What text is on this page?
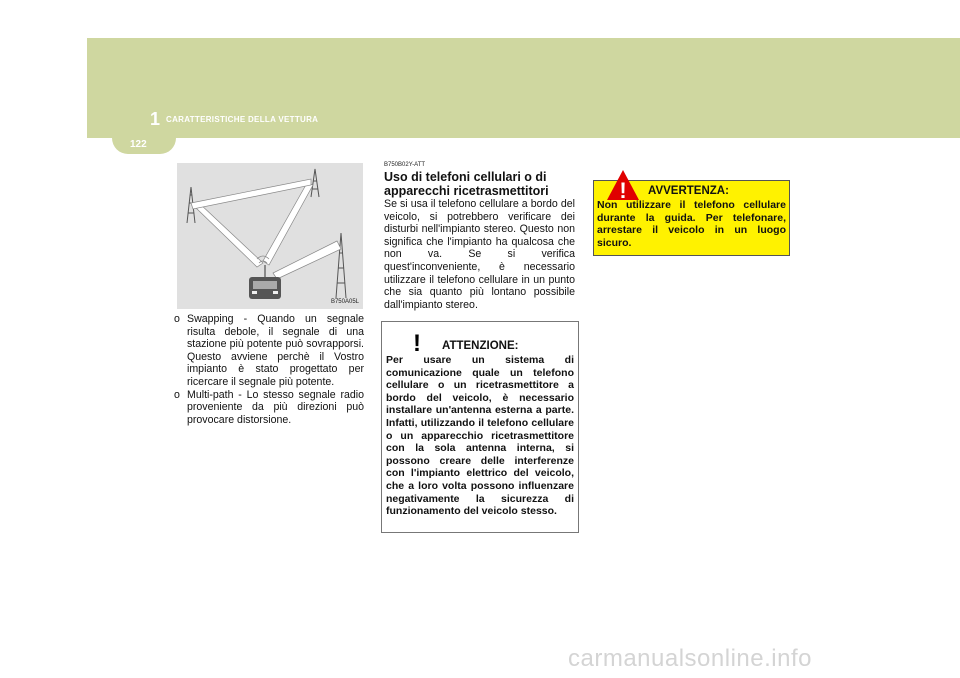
1 CARATTERISTICHE DELLA VETTURA
122
B750A05L

o Swapping - Quando un segnale risulta debole, il segnale di una stazione più potente può sovrapporsi. Questo avviene perchè il Vostro impianto è stato progettato per ricercare il segnale più potente.

o Multi-path - Lo stesso segnale radio proveniente da più direzioni può provocare distorsione.

B750B02Y-ATT
Uso di telefoni cellulari o di apparecchi ricetrasmettitori

Se si usa il telefono cellulare a bordo del veicolo, si potrebbero verificare dei disturbi nell'impianto stereo. Questo non significa che l'impianto ha qualcosa che non va. Se si verifica quest'inconveniente, è necessario utilizzare il telefono cellulare in un punto che sia quanto più lontano possibile dall'impianto stereo.

! ATTENZIONE:
Per usare un sistema di comunicazione quale un telefono cellulare o un ricetrasmettitore a bordo del veicolo, è necessario installare un'antenna esterna a parte. Infatti, utilizzando il telefono cellulare o un apparecchio ricetrasmettitore con la sola antenna interna, si possono creare delle interferenze con l'impianto elettrico del veicolo, che a loro volta possono influenzare negativamente la sicurezza di funzionamento del veicolo stesso.
! AVVERTENZA:
Non utilizzare il telefono cellulare durante la guida. Per telefonare, arrestare il veicolo in un luogo sicuro.
carmanualsonline.info
